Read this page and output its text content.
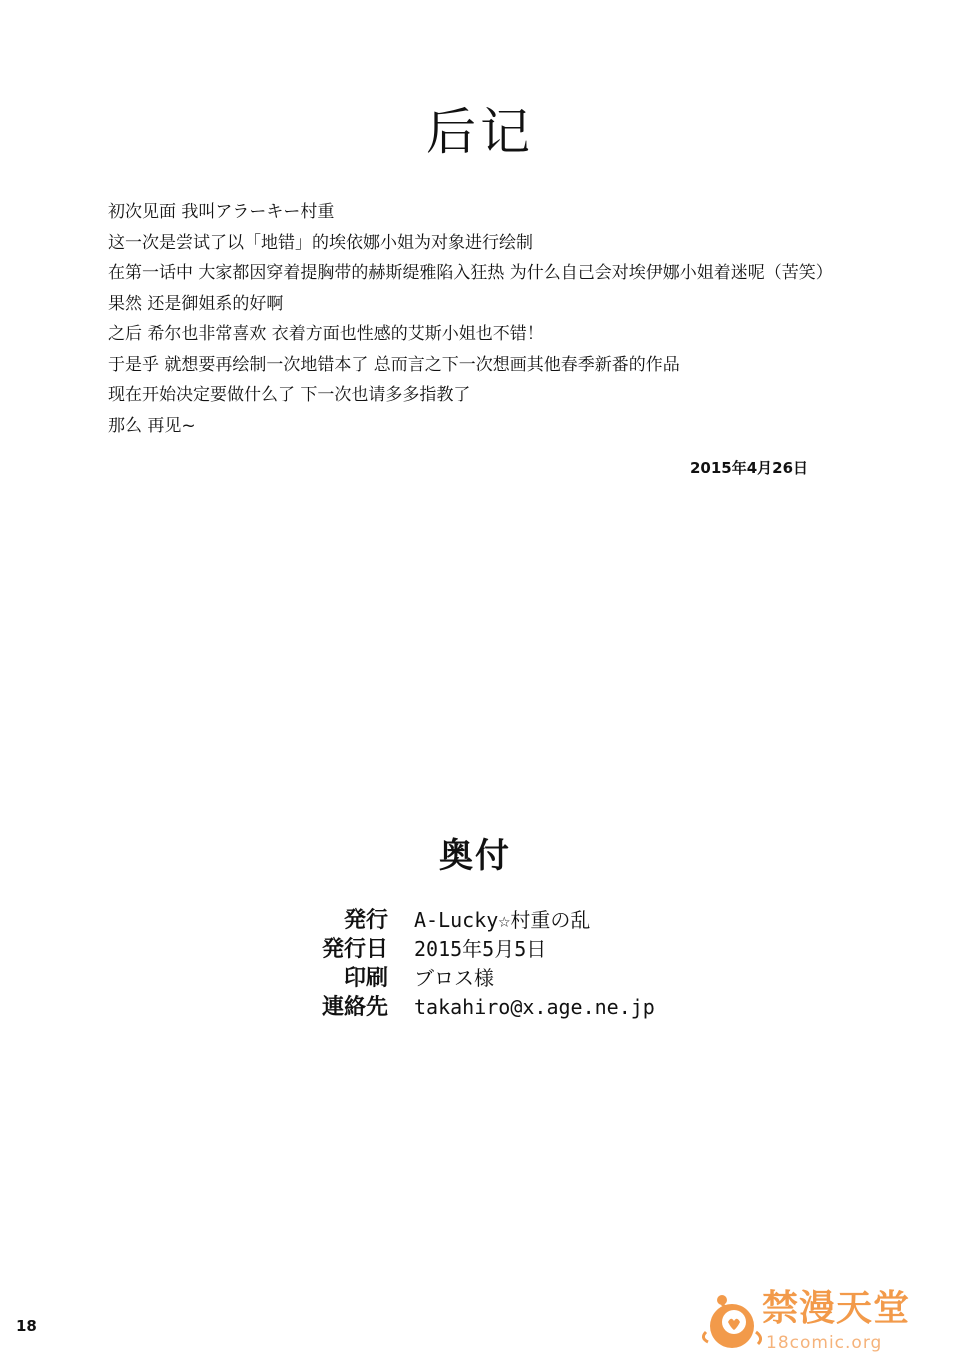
后记
初次见面 我叫アラーキー村重
这一次是尝试了以「地错」的埃依娜小姐为对象进行绘制
在第一话中 大家都因穿着提胸带的赫斯缇雅陷入狂热 为什么自己会对埃伊娜小姐着迷呢（苦笑）
果然 还是御姐系的好啊
之后 希尔也非常喜欢 衣着方面也性感的艾斯小姐也不错！
于是乎 就想要再绘制一次地错本了 总而言之下一次想画其他春季新番的作品
现在开始决定要做什么了 下一次也请多多指教了
那么 再见~
2015年4月26日
奥付
発行 A-Lucky☆村重の乱
発行日 2015年5月5日
印刷 ブロス様
連絡先 takahiro@x.age.ne.jp
18	禁漫天堂
18comic.org
